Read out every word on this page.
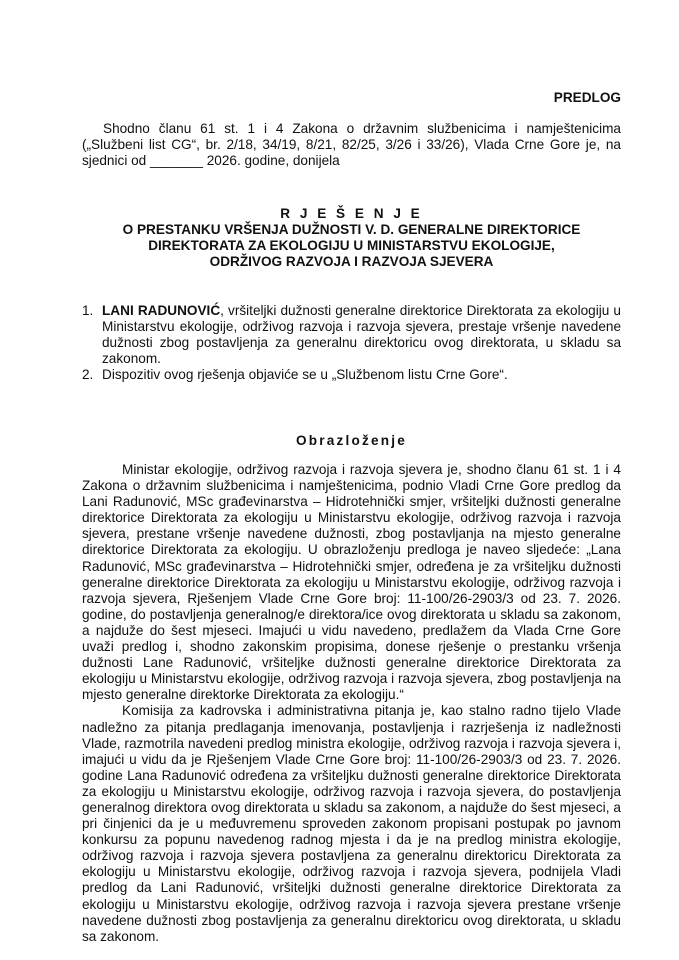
PREDLOG
Shodno članu 61 st. 1 i 4 Zakona o državnim službenicima i namještenicima („Službeni list CG“, br. 2/18, 34/19, 8/21, 82/25, 3/26 i 33/26), Vlada Crne Gore je, na sjednici od _______ 2026. godine, donijela
R J E Š E N J E
O PRESTANKU VRŠENJA DUŽNOSTI V. D. GENERALNE DIREKTORICE
DIREKTORATA ZA EKOLOGIJU U MINISTARSTVU EKOLOGIJE,
ODRŽIVOG RAZVOJA I RAZVOJA SJEVERA
1. LANI RADUNOVIĆ, vršiteljki dužnosti generalne direktorice Direktorata za ekologiju u Ministarstvu ekologije, održivog razvoja i razvoja sjevera, prestaje vršenje navedene dužnosti zbog postavljenja za generalnu direktoricu ovog direktorata, u skladu sa zakonom.
2. Dispozitiv ovog rješenja objaviće se u „Službenom listu Crne Gore“.
Obrazloženje

Ministar ekologije, održivog razvoja i razvoja sjevera je, shodno članu 61 st. 1 i 4 Zakona o državnim službenicima i namještenicima, podnio Vladi Crne Gore predlog da Lani Radunović, MSc građevinarstva – Hidrotehnički smjer, vršiteljki dužnosti generalne direktorice Direktorata za ekologiju u Ministarstvu ekologije, održivog razvoja i razvoja sjevera, prestane vršenje navedene dužnosti, zbog postavljanja na mjesto generalne direktorice Direktorata za ekologiju. U obrazloženju predloga je naveo sljedeće: „Lana Radunović, MSc građevinarstva – Hidrotehnički smjer, određena je za vršiteljku dužnosti generalne direktorice Direktorata za ekologiju u Ministarstvu ekologije, održivog razvoja i razvoja sjevera, Rješenjem Vlade Crne Gore broj: 11-100/26-2903/3 od 23. 7. 2026. godine, do postavljenja generalnog/e direktora/ice ovog direktorata u skladu sa zakonom, a najduže do šest mjeseci. Imajući u vidu navedeno, predlažem da Vlada Crne Gore uvaži predlog i, shodno zakonskim propisima, donese rješenje o prestanku vršenja dužnosti Lane Radunović, vršiteljke dužnosti generalne direktorice Direktorata za ekologiju u Ministarstvu ekologije, održivog razvoja i razvoja sjevera, zbog postavljenja na mjesto generalne direktorke Direktorata za ekologiju.“

Komisija za kadrovska i administrativna pitanja je, kao stalno radno tijelo Vlade nadležno za pitanja predlaganja imenovanja, postavljenja i razrješenja iz nadležnosti Vlade, razmotrila navedeni predlog ministra ekologije, održivog razvoja i razvoja sjevera i, imajući u vidu da je Rješenjem Vlade Crne Gore broj: 11-100/26-2903/3 od 23. 7. 2026. godine Lana Radunović određena za vršiteljku dužnosti generalne direktorice Direktorata za ekologiju u Ministarstvu ekologije, održivog razvoja i razvoja sjevera, do postavljenja generalnog direktora ovog direktorata u skladu sa zakonom, a najduže do šest mjeseci, a pri činjenici da je u međuvremenu sproveden zakonom propisani postupak po javnom konkursu za popunu navedenog radnog mjesta i da je na predlog ministra ekologije, održivog razvoja i razvoja sjevera postavljena za generalnu direktoricu Direktorata za ekologiju u Ministarstvu ekologije, održivog razvoja i razvoja sjevera, podnijela Vladi predlog da Lani Radunović, vršiteljki dužnosti generalne direktorice Direktorata za ekologiju u Ministarstvu ekologije, održivog razvoja i razvoja sjevera prestane vršenje navedene dužnosti zbog postavljenja za generalnu direktoricu ovog direktorata, u skladu sa zakonom.
